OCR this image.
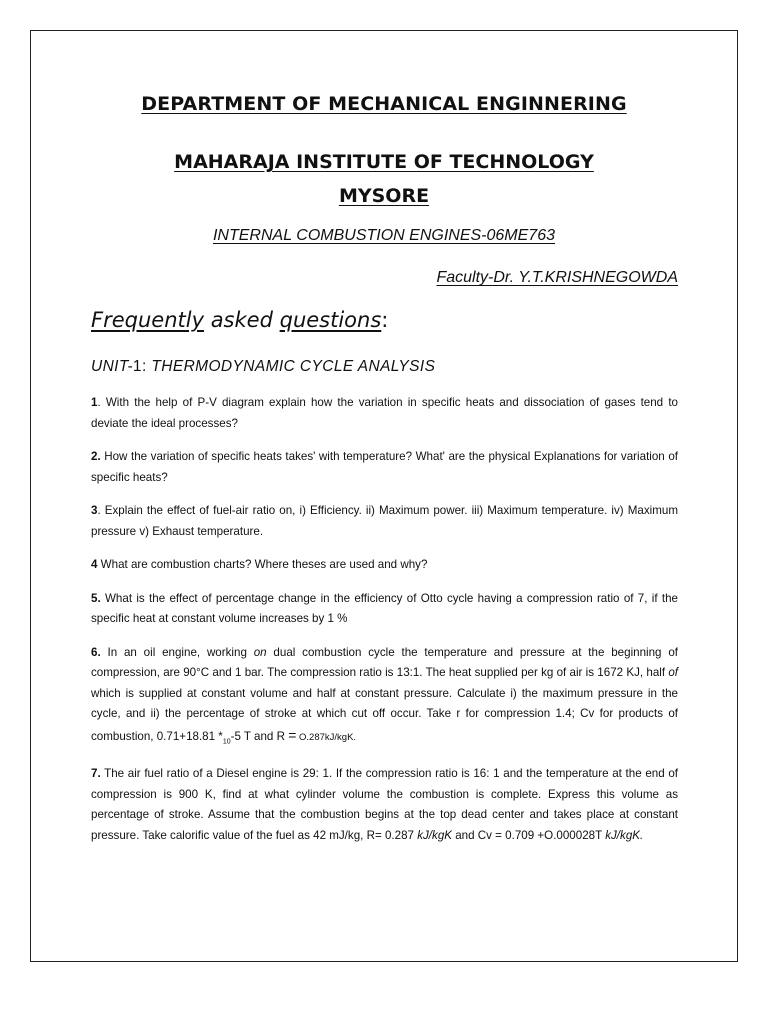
DEPARTMENT OF MECHANICAL ENGINNERING
MAHARAJA INSTITUTE OF TECHNOLOGY
MYSORE
INTERNAL COMBUSTION ENGINES-06ME763
Faculty-Dr. Y.T.KRISHNEGOWDA
Frequently asked questions:
UNIT-1: THERMODYNAMIC CYCLE ANALYSIS

1. With the help of P-V diagram explain how the variation in specific heats and dissociation of gases tend to deviate the ideal processes?

2. How the variation of specific heats takes' with temperature? What' are the physical Explanations for variation of specific heats?

3. Explain the effect of fuel-air ratio on, i) Efficiency. ii) Maximum power. iii) Maximum temperature. iv) Maximum pressure v) Exhaust temperature.

4 What are combustion charts? Where theses are used and why?

5. What is the effect of percentage change in the efficiency of Otto cycle having a compression ratio of 7, if the specific heat at constant volume increases by 1 %

6. In an oil engine, working on dual combustion cycle the temperature and pressure at the beginning of compression, are 90°C and 1 bar. The compression ratio is 13:1. The heat supplied per kg of air is 1672 KJ, half of which is supplied at constant volume and half at constant pressure. Calculate i) the maximum pressure in the cycle, and ii) the percentage of stroke at which cut off occur. Take r for compression 1.4; Cv for products of combustion, 0.71+18.81 $*_{10}-5$ T and R = O.287kJ/kgK.

7. The air fuel ratio of a Diesel engine is 29: 1. If the compression ratio is 16: 1 and the temperature at the end of compression is 900 K, find at what cylinder volume the combustion is complete. Express this volume as percentage of stroke. Assume that the combustion begins at the top dead center and takes place at constant pressure. Take calorific value of the fuel as 42 mJ/kg, R= 0.287 kJ/kgK and Cv = 0.709 +O.000028T kJ/kgK.
